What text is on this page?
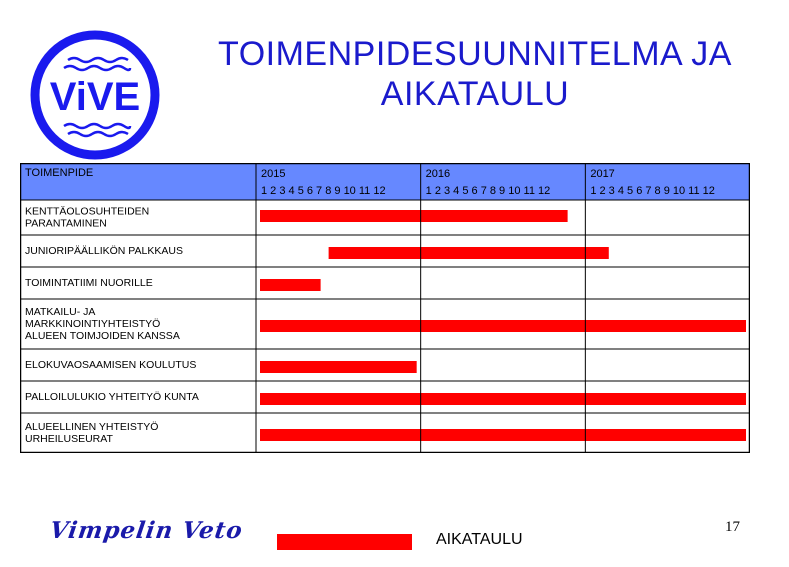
ViVE
TOIMENPIDESUUNNITELMA JA
AIKATAULU
TOIMENPIDE	2015
1 2 3 4 5 6 7 8 9 10 11 12
2016
1 2 3 4 5 6 7 8 9 10 11 12
2017
1 2 3 4 5 6 7 8 9 10 11 12
KENTTÄOLOSUHTEIDEN
PARANTAMINEN
JUNIORIPÄÄLLIKÖN PALKKAUS
TOIMINTATIIMI NUORILLE
MATKAILU- JA
MARKKINOINTIYHTEISTYÖ
ALUEEN TOIMJOIDEN KANSSA
ELOKUVAOSAAMISEN KOULUTUS
PALLOILULUKIO YHTEITYÖ KUNTA
ALUEELLINEN YHTEISTYÖ
URHEILUSEURAT
Vimpelin Veto	AIKATAULU
17
